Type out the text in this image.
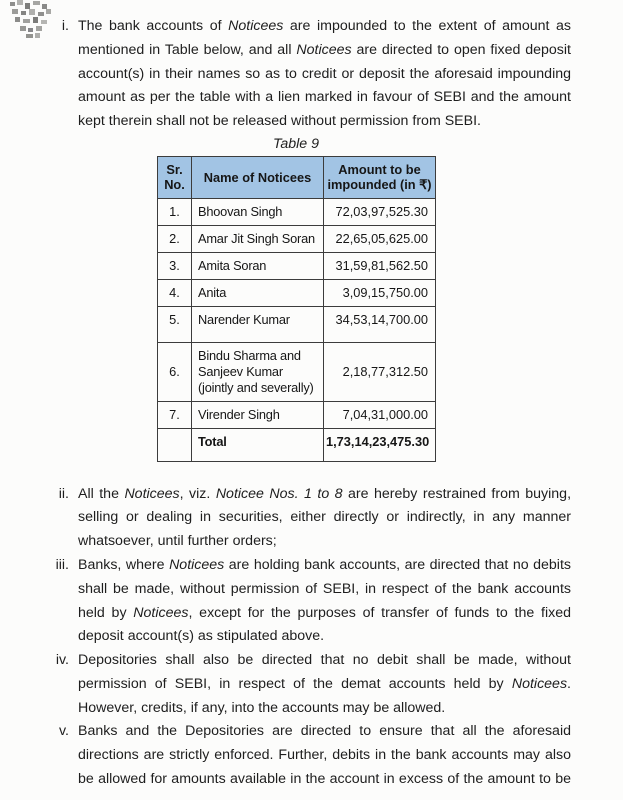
i. The bank accounts of Noticees are impounded to the extent of amount as mentioned in Table below, and all Noticees are directed to open fixed deposit account(s) in their names so as to credit or deposit the aforesaid impounding amount as per the table with a lien marked in favour of SEBI and the amount kept therein shall not be released without permission from SEBI.
Table 9
Sr. No.	Name of Noticees	Amount to be impounded (in ₹)
1.	Bhoovan Singh	72,03,97,525.30
2.	Amar Jit Singh Soran	22,65,05,625.00
3.	Amita Soran	31,59,81,562.50
4.	Anita	3,09,15,750.00
5.	Narender Kumar	34,53,14,700.00
6.	Bindu Sharma and Sanjeev Kumar (jointly and severally)	2,18,77,312.50
7.	Virender Singh	7,04,31,000.00
	Total	1,73,14,23,475.30
ii. All the Noticees, viz. Noticee Nos. 1 to 8 are hereby restrained from buying, selling or dealing in securities, either directly or indirectly, in any manner whatsoever, until further orders;
iii. Banks, where Noticees are holding bank accounts, are directed that no debits shall be made, without permission of SEBI, in respect of the bank accounts held by Noticees, except for the purposes of transfer of funds to the fixed deposit account(s) as stipulated above.
iv. Depositories shall also be directed that no debit shall be made, without permission of SEBI, in respect of the demat accounts held by Noticees. However, credits, if any, into the accounts may be allowed.
v. Banks and the Depositories are directed to ensure that all the aforesaid directions are strictly enforced. Further, debits in the bank accounts may also be allowed for amounts available in the account in excess of the amount to be
